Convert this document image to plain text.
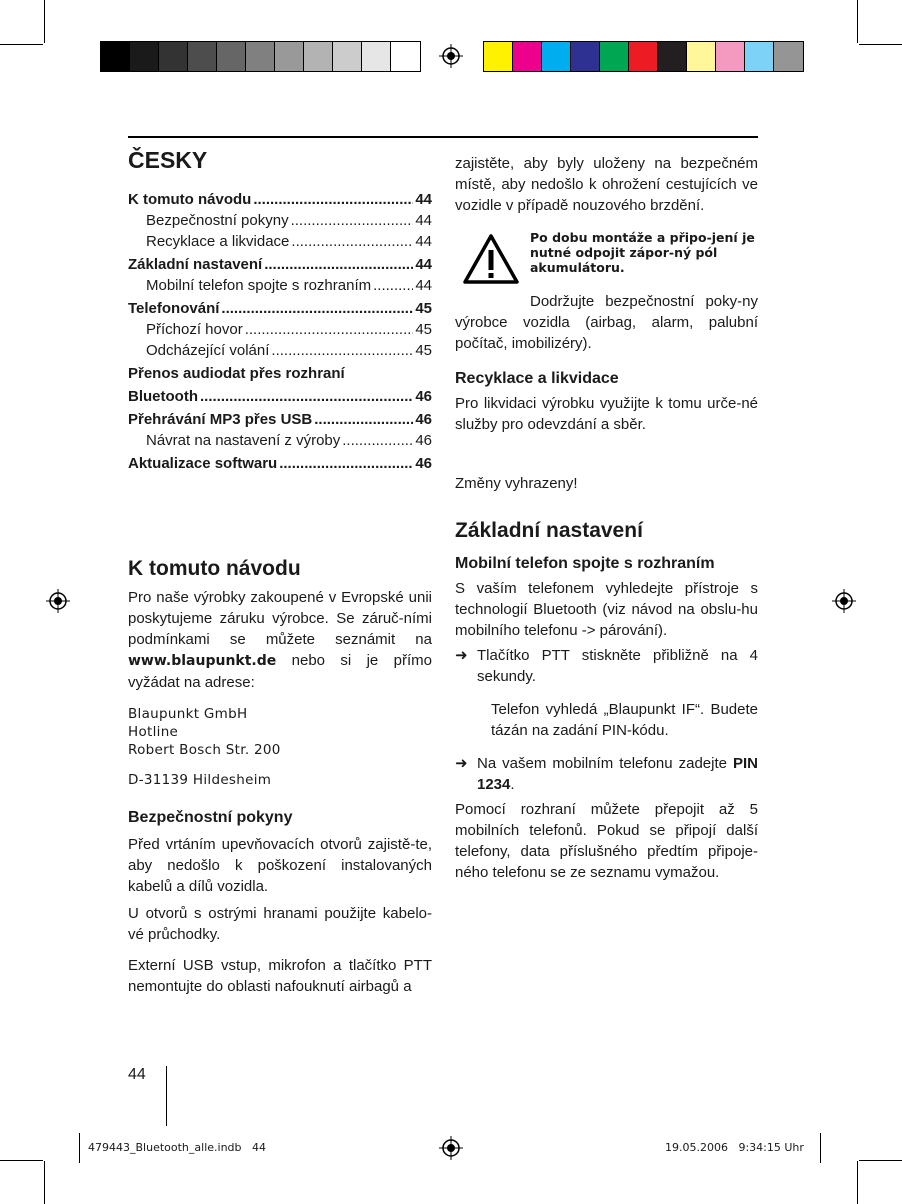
ČESKY
K tomuto návodu .....	44
Bezpečnostní pokyny .....	44
Recyklace a likvidace .....	44
Základní nastavení .....	44
Mobilní telefon spojte s rozhraním .....	44
Telefonování .....	45
Příchozí hovor .....	45
Odcházející volání .....	45
Přenos audiodat přes rozhraní
Bluetooth .....	46
Přehrávání MP3 přes USB .....	46
Návrat na nastavení z výroby .....	46
Aktualizace softwaru .....	46
K tomuto návodu

Pro naše výrobky zakoupené v Evropské unii poskytujeme záruku výrobce. Se záruč-ními podmínkami se můžete seznámit na www.blaupunkt.de nebo si je přímo vyžádat na adrese:

Blaupunkt GmbH
Hotline
Robert Bosch Str. 200
D-31139 Hildesheim
Bezpečnostní pokyny

Před vrtáním upevňovacích otvorů zajistě-te, aby nedošlo k poškození instalovaných kabelů a dílů vozidla.

U otvorů s ostrými hranami použijte kabelo-vé průchodky.

Externí USB vstup, mikrofon a tlačítko PTT nemontujte do oblasti nafouknutí airbagů a

zajistěte, aby byly uloženy na bezpečném místě, aby nedošlo k ohrožení cestujících ve vozidle v případě nouzového brzdění.

Po dobu montáže a připo-jení je nutné odpojit zápor-ný pól akumulátoru.

Dodržujte bezpečnostní poky-ny výrobce vozidla (airbag, alarm, palubní počítač, imobilizéry).

Recyklace a likvidace

Pro likvidaci výrobku využijte k tomu urče-né služby pro odevzdání a sběr.

Změny vyhrazeny!

Základní nastavení
Mobilní telefon spojte s rozhraním

S vaším telefonem vyhledejte přístroje s technologií Bluetooth (viz návod na obslu-hu mobilního telefonu -> párování).

➜ Tlačítko PTT stiskněte přibližně na 4 sekundy.

Telefon vyhledá „Blaupunkt IF“. Budete tázán na zadání PIN-kódu.

➜ Na vašem mobilním telefonu zadejte PIN 1234.

Pomocí rozhraní můžete přepojit až 5 mobilních telefonů. Pokud se připojí další telefony, data příslušného předtím připoje-ného telefonu se ze seznamu vymažou.

44
479443_Bluetooth_alle.indb   44	19.05.2006   9:34:15 Uhr
